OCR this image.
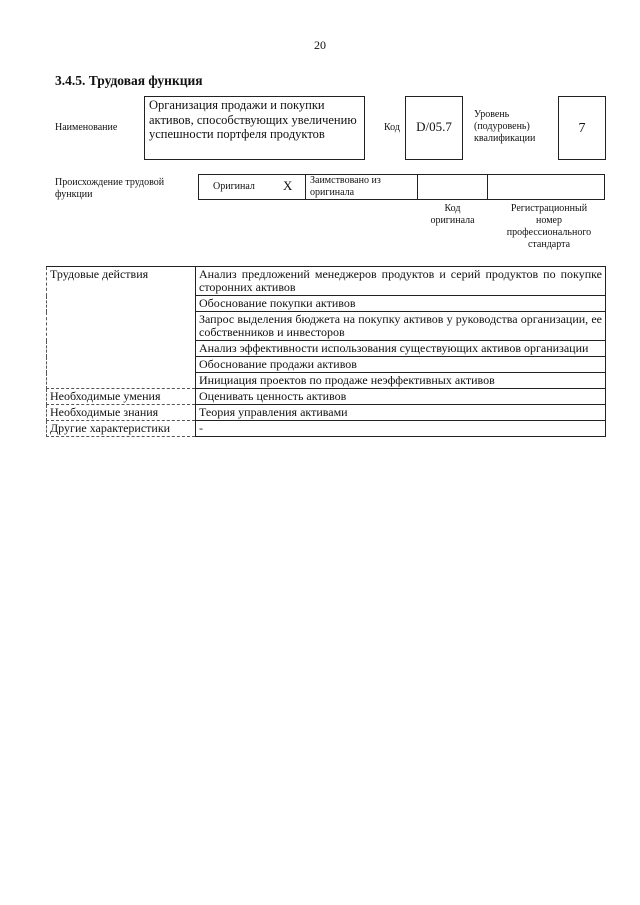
20
3.4.5. Трудовая функция
Наименование
Организация продажи и покупки активов, способствующих увеличению успешности портфеля продуктов	Код	D/05.7
Уровень
(подуровень)
квалификации
7
Происхождение трудовой
функции
Оригинал X Заимствовано из
оригинала
Код
оригинала
Регистрационный
номер
профессионального
стандарта
Трудовые действия	Анализ предложений менеджеров продуктов и серий продуктов по покупке сторонних активов
	Обоснование покупки активов
	Запрос выделения бюджета на покупку активов у руководства организации, ее собственников и инвесторов
	Анализ эффективности использования существующих активов организации
	Обоснование продажи активов
	Инициация проектов по продаже неэффективных активов
Необходимые умения	Оценивать ценность активов
Необходимые знания	Теория управления активами
Другие характеристики	-
